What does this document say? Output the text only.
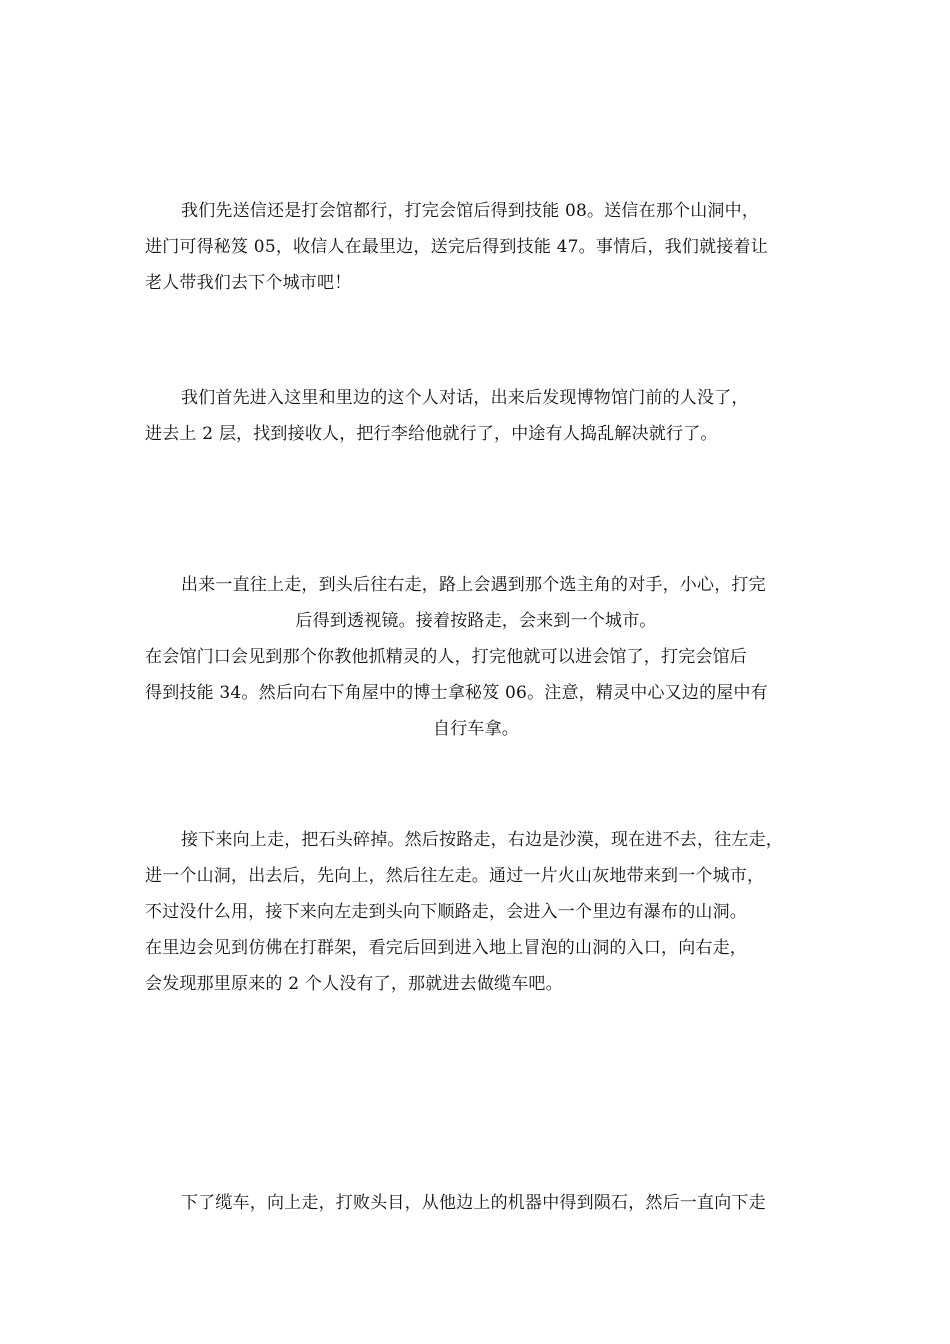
我们先送信还是打会馆都行，打完会馆后得到技能 08。送信在那个山洞中，
进门可得秘笈 05，收信人在最里边，送完后得到技能 47。事情后，我们就接着让
老人带我们去下个城市吧！
我们首先进入这里和里边的这个人对话，出来后发现博物馆门前的人没了，
进去上 2 层，找到接收人，把行李给他就行了，中途有人捣乱解决就行了。
出来一直往上走，到头后往右走，路上会遇到那个选主角的对手，小心，打完
后得到透视镜。接着按路走，会来到一个城市。
在会馆门口会见到那个你教他抓精灵的人，打完他就可以进会馆了，打完会馆后
得到技能 34。然后向右下角屋中的博士拿秘笈 06。注意，精灵中心又边的屋中有
自行车拿。
接下来向上走，把石头碎掉。然后按路走，右边是沙漠，现在进不去，往左走，
进一个山洞，出去后，先向上，然后往左走。通过一片火山灰地带来到一个城市，
不过没什么用，接下来向左走到头向下顺路走，会进入一个里边有瀑布的山洞。
在里边会见到仿佛在打群架，看完后回到进入地上冒泡的山洞的入口，向右走，
会发现那里原来的 2 个人没有了，那就进去做缆车吧。
下了缆车，向上走，打败头目，从他边上的机器中得到陨石，然后一直向下走
